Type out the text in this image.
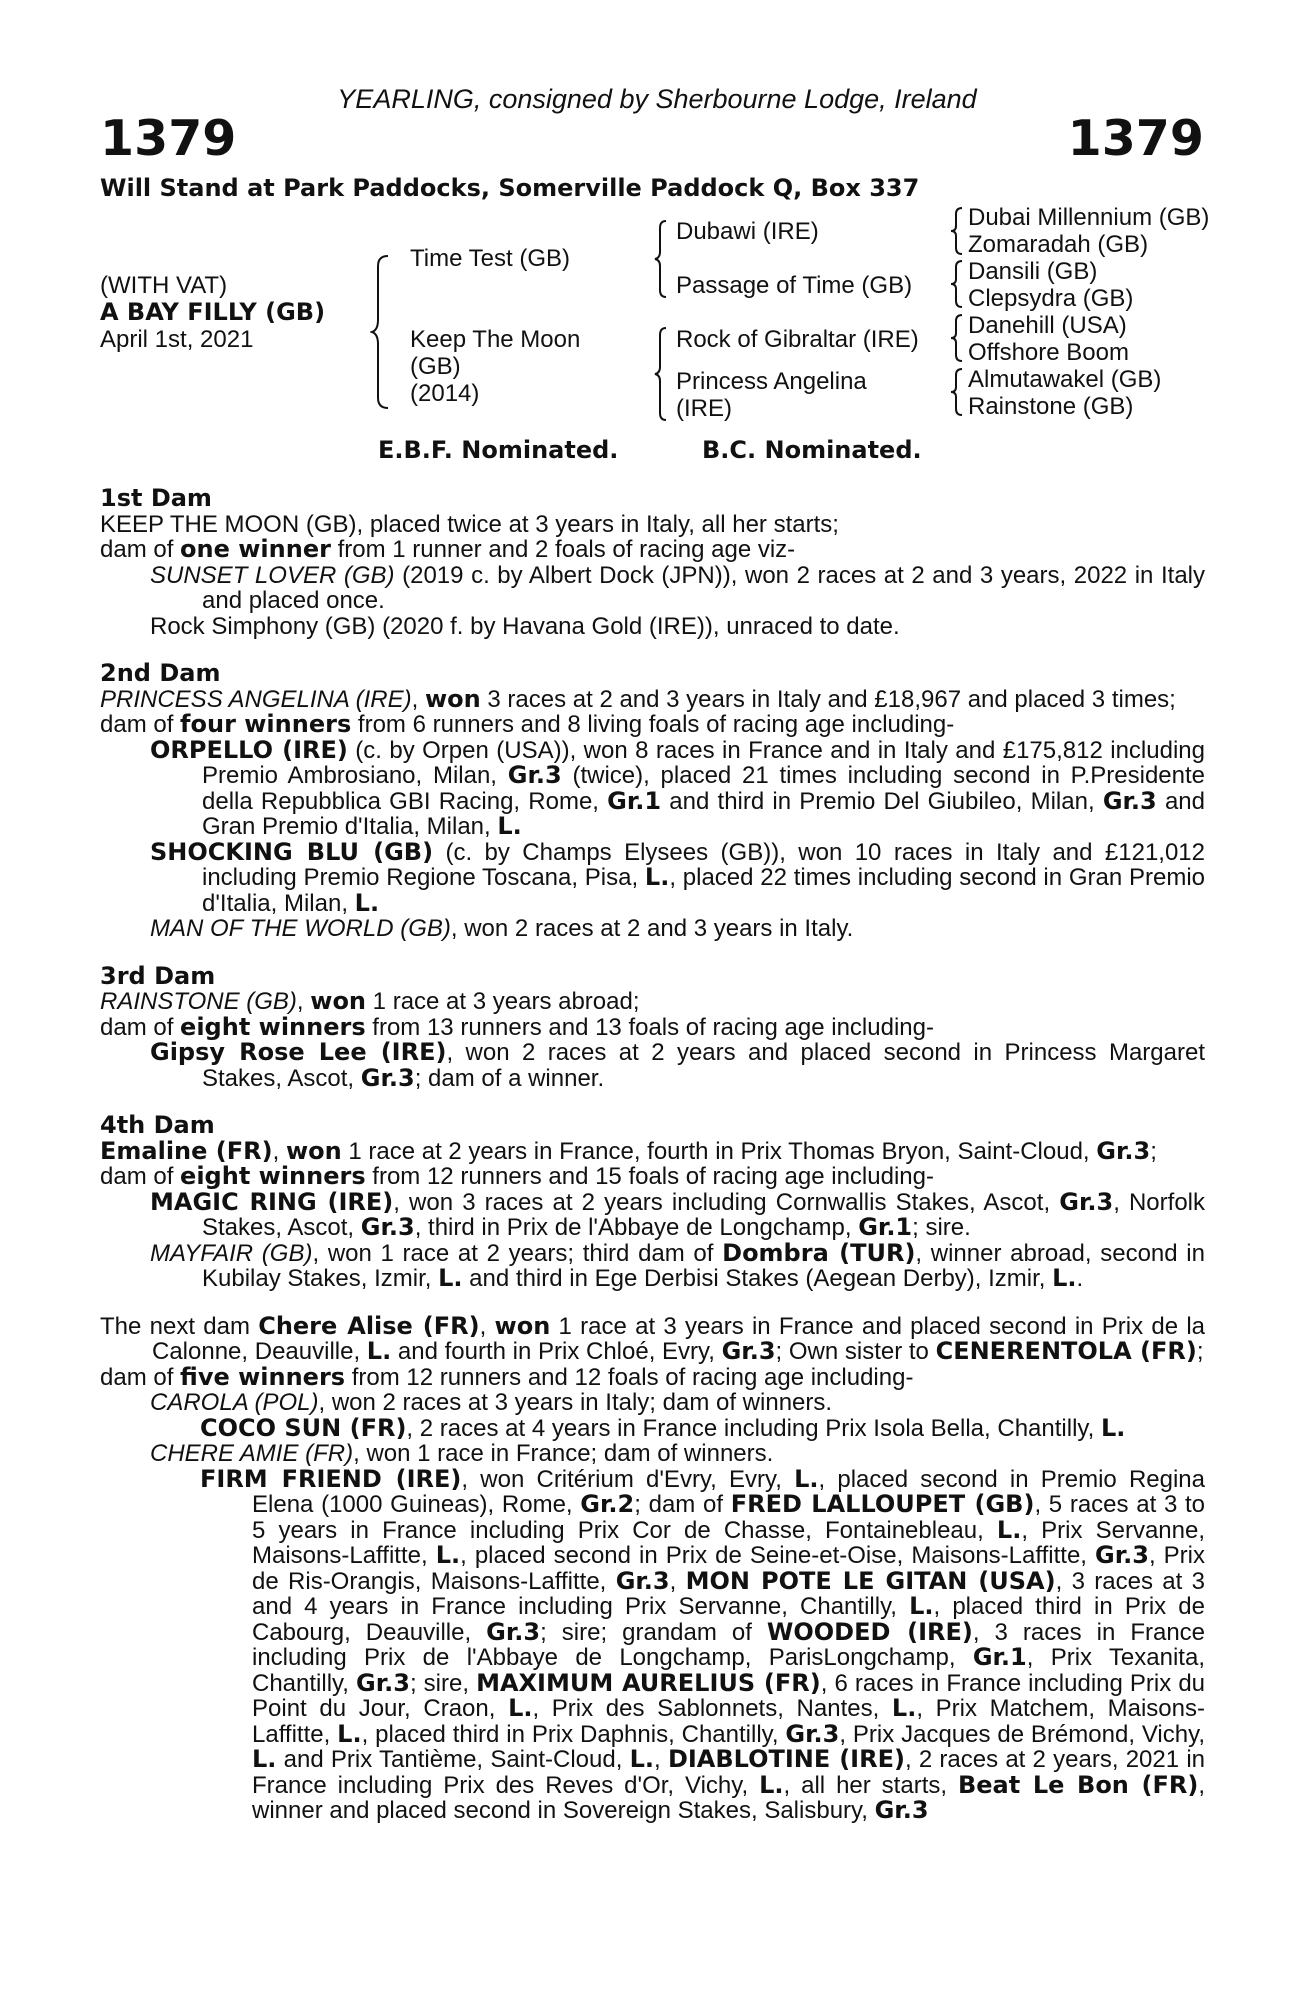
YEARLING, consigned by Sherbourne Lodge, Ireland
1379	1379
Will Stand at Park Paddocks, Somerville Paddock Q, Box 337
(WITH VAT)
A BAY FILLY (GB)
April 1st, 2021
Time Test (GB)
Keep The Moon
(GB)
(2014)
Dubawi (IRE)
Passage of Time (GB)
Rock of Gibraltar (IRE)
Princess Angelina
(IRE)
Dubai Millennium (GB)
Zomaradah (GB)
Dansili (GB)
Clepsydra (GB)
Danehill (USA)
Offshore Boom
Almutawakel (GB)
Rainstone (GB)
E.B.F. Nominated.	B.C. Nominated.
1st Dam
KEEP THE MOON (GB), placed twice at 3 years in Italy, all her starts;
dam of one winner from 1 runner and 2 foals of racing age viz-
SUNSET LOVER (GB) (2019 c. by Albert Dock (JPN)), won 2 races at 2 and 3 years, 2022 in Italy and placed once.
Rock Simphony (GB) (2020 f. by Havana Gold (IRE)), unraced to date.
2nd Dam
PRINCESS ANGELINA (IRE), won 3 races at 2 and 3 years in Italy and £18,967 and placed 3 times;
dam of four winners from 6 runners and 8 living foals of racing age including-
ORPELLO (IRE) (c. by Orpen (USA)), won 8 races in France and in Italy and £175,812 including Premio Ambrosiano, Milan, Gr.3 (twice), placed 21 times including second in P.Presidente della Repubblica GBI Racing, Rome, Gr.1 and third in Premio Del Giubileo, Milan, Gr.3 and Gran Premio d'Italia, Milan, L.
SHOCKING BLU (GB) (c. by Champs Elysees (GB)), won 10 races in Italy and £121,012 including Premio Regione Toscana, Pisa, L., placed 22 times including second in Gran Premio d'Italia, Milan, L.
MAN OF THE WORLD (GB), won 2 races at 2 and 3 years in Italy.
3rd Dam
RAINSTONE (GB), won 1 race at 3 years abroad;
dam of eight winners from 13 runners and 13 foals of racing age including-
Gipsy Rose Lee (IRE), won 2 races at 2 years and placed second in Princess Margaret Stakes, Ascot, Gr.3; dam of a winner.
4th Dam
Emaline (FR), won 1 race at 2 years in France, fourth in Prix Thomas Bryon, Saint-Cloud, Gr.3;
dam of eight winners from 12 runners and 15 foals of racing age including-
MAGIC RING (IRE), won 3 races at 2 years including Cornwallis Stakes, Ascot, Gr.3, Norfolk Stakes, Ascot, Gr.3, third in Prix de l'Abbaye de Longchamp, Gr.1; sire.
MAYFAIR (GB), won 1 race at 2 years; third dam of Dombra (TUR), winner abroad, second in Kubilay Stakes, Izmir, L. and third in Ege Derbisi Stakes (Aegean Derby), Izmir, L..
The next dam Chere Alise (FR), won 1 race at 3 years in France and placed second in Prix de la Calonne, Deauville, L. and fourth in Prix Chloé, Evry, Gr.3; Own sister to CENERENTOLA (FR);
dam of five winners from 12 runners and 12 foals of racing age including-
CAROLA (POL), won 2 races at 3 years in Italy; dam of winners.
COCO SUN (FR), 2 races at 4 years in France including Prix Isola Bella, Chantilly, L.
CHERE AMIE (FR), won 1 race in France; dam of winners.
FIRM FRIEND (IRE), won Critérium d'Evry, Evry, L., placed second in Premio Regina Elena (1000 Guineas), Rome, Gr.2; dam of FRED LALLOUPET (GB), 5 races at 3 to 5 years in France including Prix Cor de Chasse, Fontainebleau, L., Prix Servanne, Maisons-Laffitte, L., placed second in Prix de Seine-et-Oise, Maisons-Laffitte, Gr.3, Prix de Ris-Orangis, Maisons-Laffitte, Gr.3, MON POTE LE GITAN (USA), 3 races at 3 and 4 years in France including Prix Servanne, Chantilly, L., placed third in Prix de Cabourg, Deauville, Gr.3; sire; grandam of WOODED (IRE), 3 races in France including Prix de l'Abbaye de Longchamp, ParisLongchamp, Gr.1, Prix Texanita, Chantilly, Gr.3; sire, MAXIMUM AURELIUS (FR), 6 races in France including Prix du Point du Jour, Craon, L., Prix des Sablonnets, Nantes, L., Prix Matchem, Maisons-Laffitte, L., placed third in Prix Daphnis, Chantilly, Gr.3, Prix Jacques de Brémond, Vichy, L. and Prix Tantième, Saint-Cloud, L., DIABLOTINE (IRE), 2 races at 2 years, 2021 in France including Prix des Reves d'Or, Vichy, L., all her starts, Beat Le Bon (FR), winner and placed second in Sovereign Stakes, Salisbury, Gr.3
